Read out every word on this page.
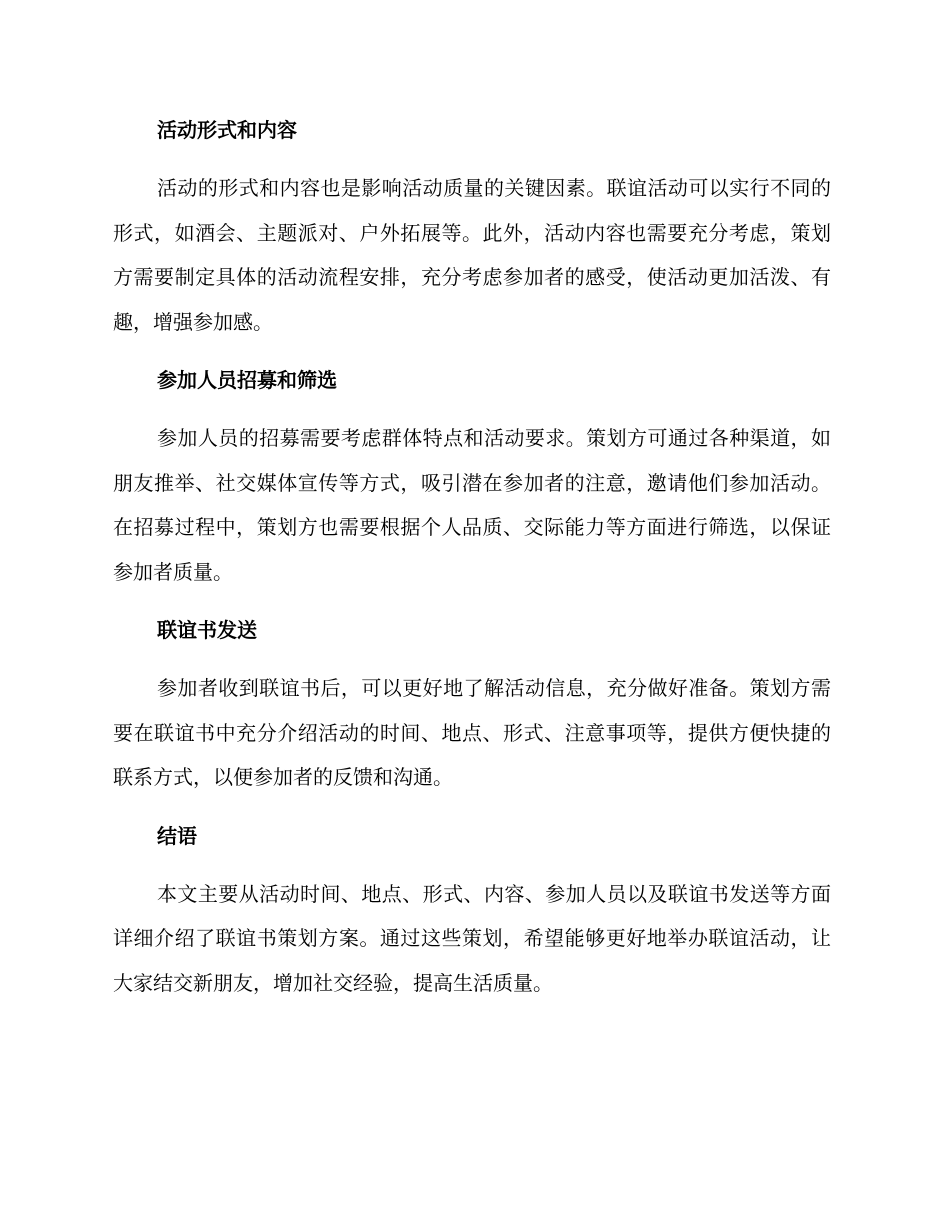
活动形式和内容

活动的形式和内容也是影响活动质量的关键因素。联谊活动可以实行不同的形式，如酒会、主题派对、户外拓展等。此外，活动内容也需要充分考虑，策划方需要制定具体的活动流程安排，充分考虑参加者的感受，使活动更加活泼、有趣，增强参加感。

参加人员招募和筛选

参加人员的招募需要考虑群体特点和活动要求。策划方可通过各种渠道，如朋友推举、社交媒体宣传等方式，吸引潜在参加者的注意，邀请他们参加活动。在招募过程中，策划方也需要根据个人品质、交际能力等方面进行筛选，以保证参加者质量。

联谊书发送

参加者收到联谊书后，可以更好地了解活动信息，充分做好准备。策划方需要在联谊书中充分介绍活动的时间、地点、形式、注意事项等，提供方便快捷的联系方式，以便参加者的反馈和沟通。

结语

本文主要从活动时间、地点、形式、内容、参加人员以及联谊书发送等方面详细介绍了联谊书策划方案。通过这些策划，希望能够更好地举办联谊活动，让大家结交新朋友，增加社交经验，提高生活质量。
